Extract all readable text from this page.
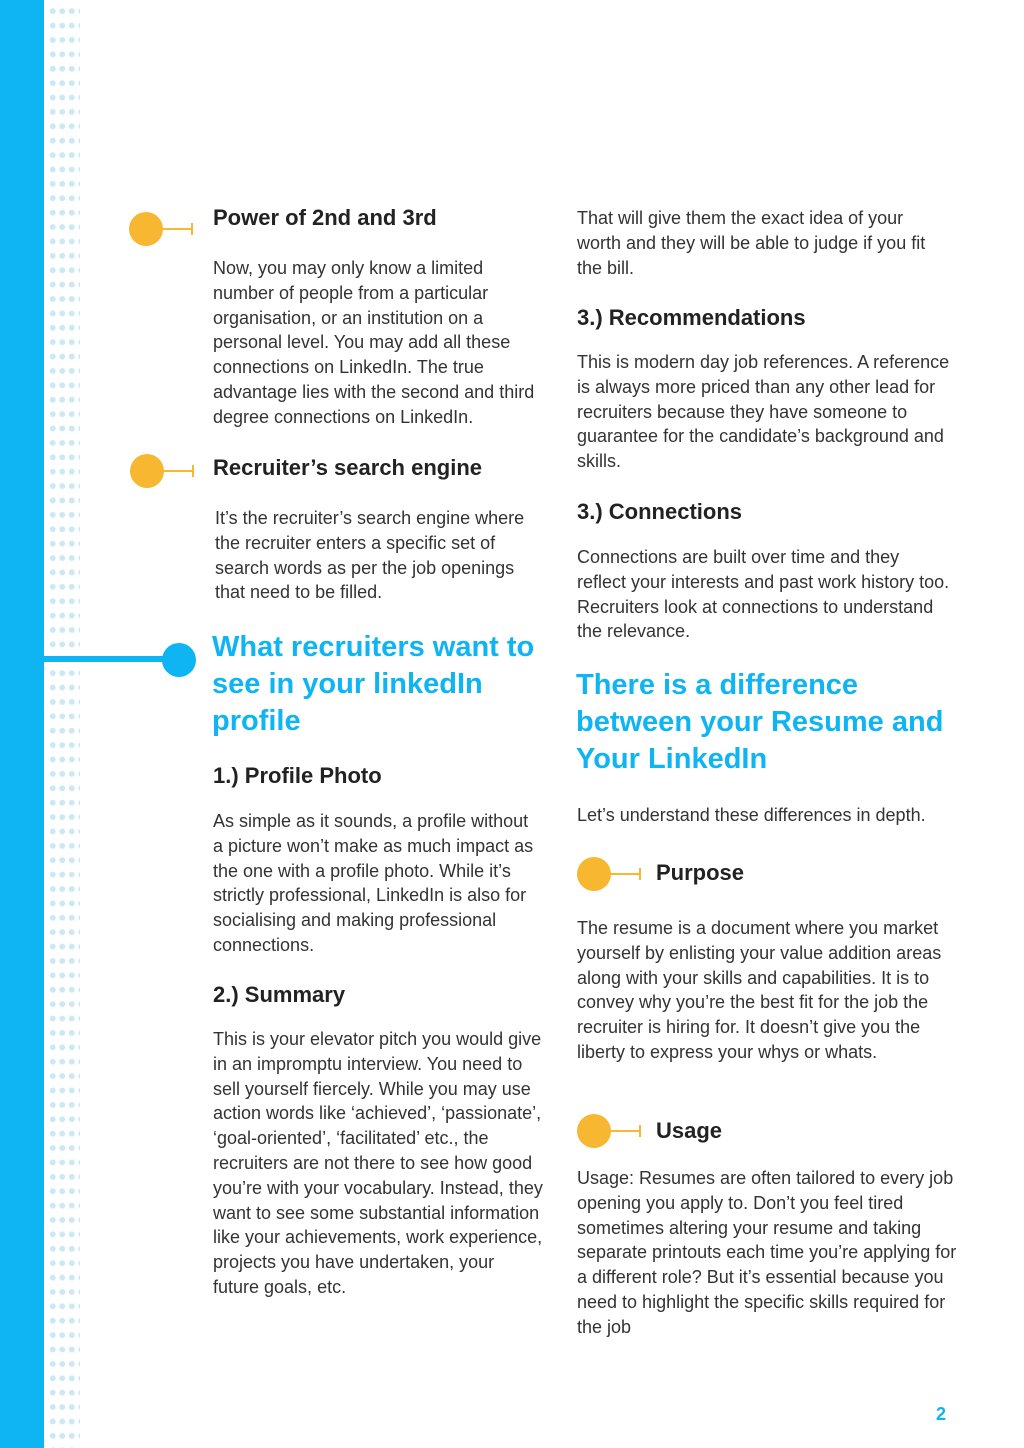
Power of 2nd and 3rd

Now, you may only know a limited number of people from a particular organisation, or an institution on a personal level. You may add all these connections on LinkedIn. The true advantage lies with the second and third degree connections on LinkedIn.

Recruiter’s search engine

It’s the recruiter’s search engine where the recruiter enters a specific set of search words as per the job openings that need to be filled.

What recruiters want to see in your linkedIn profile
1.) Profile Photo

As simple as it sounds, a profile without a picture won’t make as much impact as the one with a profile photo. While it’s strictly professional, LinkedIn is also for socialising and making professional connections.

2.) Summary

This is your elevator pitch you would give in an impromptu interview. You need to sell yourself fiercely. While you may use action words like ‘achieved’, ‘passionate’, ‘goal-oriented’, ‘facilitated’ etc., the recruiters are not there to see how good you’re with your vocabulary. Instead, they want to see some substantial information like your achievements, work experience, projects you have undertaken, your future goals, etc.

That will give them the exact idea of your worth and they will be able to judge if you fit the bill.

3.) Recommendations

This is modern day job references. A reference is always more priced than any other lead for recruiters because they have someone to guarantee for the candidate’s background and skills.

3.) Connections

Connections are built over time and they reflect your interests and past work history too. Recruiters look at connections to understand the relevance.

There is a difference between your Resume and Your LinkedIn

Let’s understand these differences in depth.

Purpose

The resume is a document where you market yourself by enlisting your value addition areas along with your skills and capabilities. It is to convey why you’re the best fit for the job the recruiter is hiring for. It doesn’t give you the liberty to express your whys or whats.

Usage

Usage: Resumes are often tailored to every job opening you apply to. Don’t you feel tired sometimes altering your resume and taking separate printouts each time you’re applying for a different role? But it’s essential because you need to highlight the specific skills required for the job

2
